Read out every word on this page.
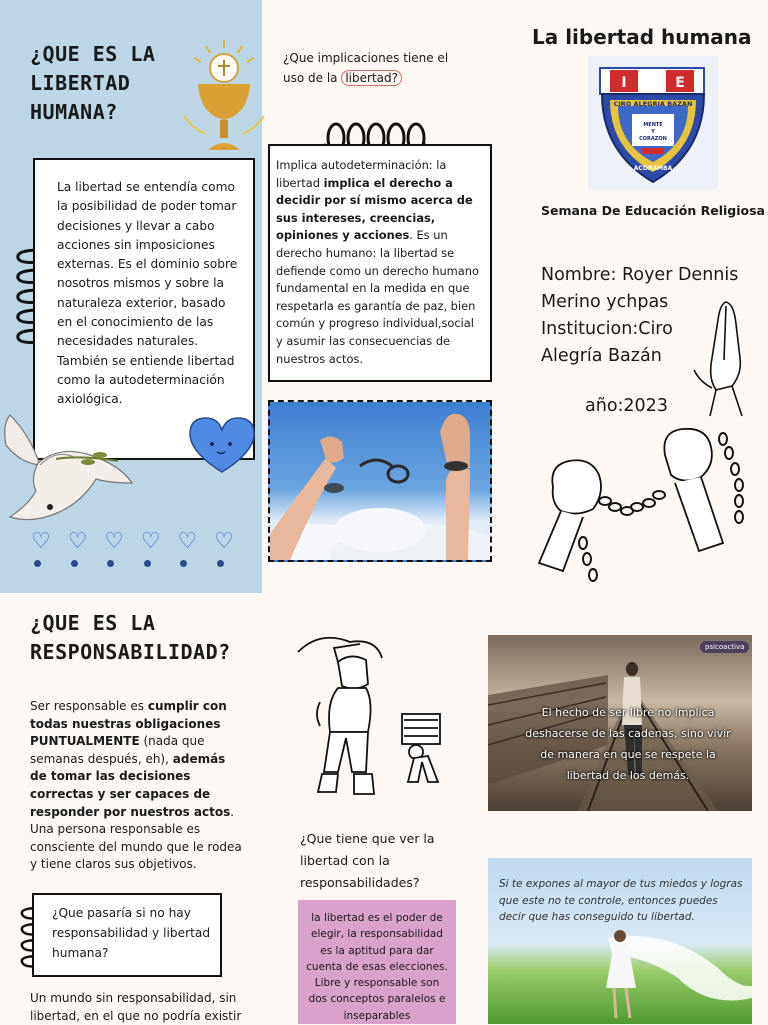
¿QUE ES LA LIBERTAD HUMANA?

La libertad se entendía como la posibilidad de poder tomar decisiones y llevar a cabo acciones sin imposiciones externas. Es el dominio sobre nosotros mismos y sobre la naturaleza exterior, basado en el conocimiento de las necesidades naturales. También se entiende libertad como la autodeterminación axiológica.

♡ ♡ ♡ ♡ ♡ ♡
¿Que implicaciones tiene el uso de la libertad?

Implica autodeterminación: la libertad implica el derecho a decidir por sí mismo acerca de sus intereses, creencias, opiniones y acciones. Es un derecho humano: la libertad se defiende como un derecho humano fundamental en la medida en que respetarla es garantía de paz, bien común y progreso individual,social y asumir las consecuencias de nuestros actos.

La libertad humana
I	E
CIRO ALEGRIA BAZAN
MENTE
Y
CORAZON
ACOBAMBA
Semana De Educación Religiosa
Nombre: Royer Dennis
Merino ychpas
Institucion:Ciro
Alegría Bazán
año:2023
¿QUE ES LA RESPONSABILIDAD?
Ser responsable es cumplir con todas nuestras obligaciones PUNTUALMENTE (nada que semanas después, eh), además de tomar las decisiones correctas y ser capaces de responder por nuestros actos. Una persona responsable es consciente del mundo que le rodea y tiene claros sus objetivos.

¿Que pasaría si no hay responsabilidad y libertad humana?

Un mundo sin responsabilidad, sin libertad, en el que no podría existir
¿Que tiene que ver la libertad con la responsabilidades?

la libertad es el poder de elegir, la responsabilidad es la aptitud para dar cuenta de esas elecciones. Libre y responsable son dos conceptos paralelos e inseparables

psicoactiva
El hecho de ser libre no implica deshacerse de las cadenas, sino vivir de manera en que se respete la libertad de los demás.
Si te expones al mayor de tus miedos y logras que este no te controle, entonces puedes decir que has conseguido tu libertad.
